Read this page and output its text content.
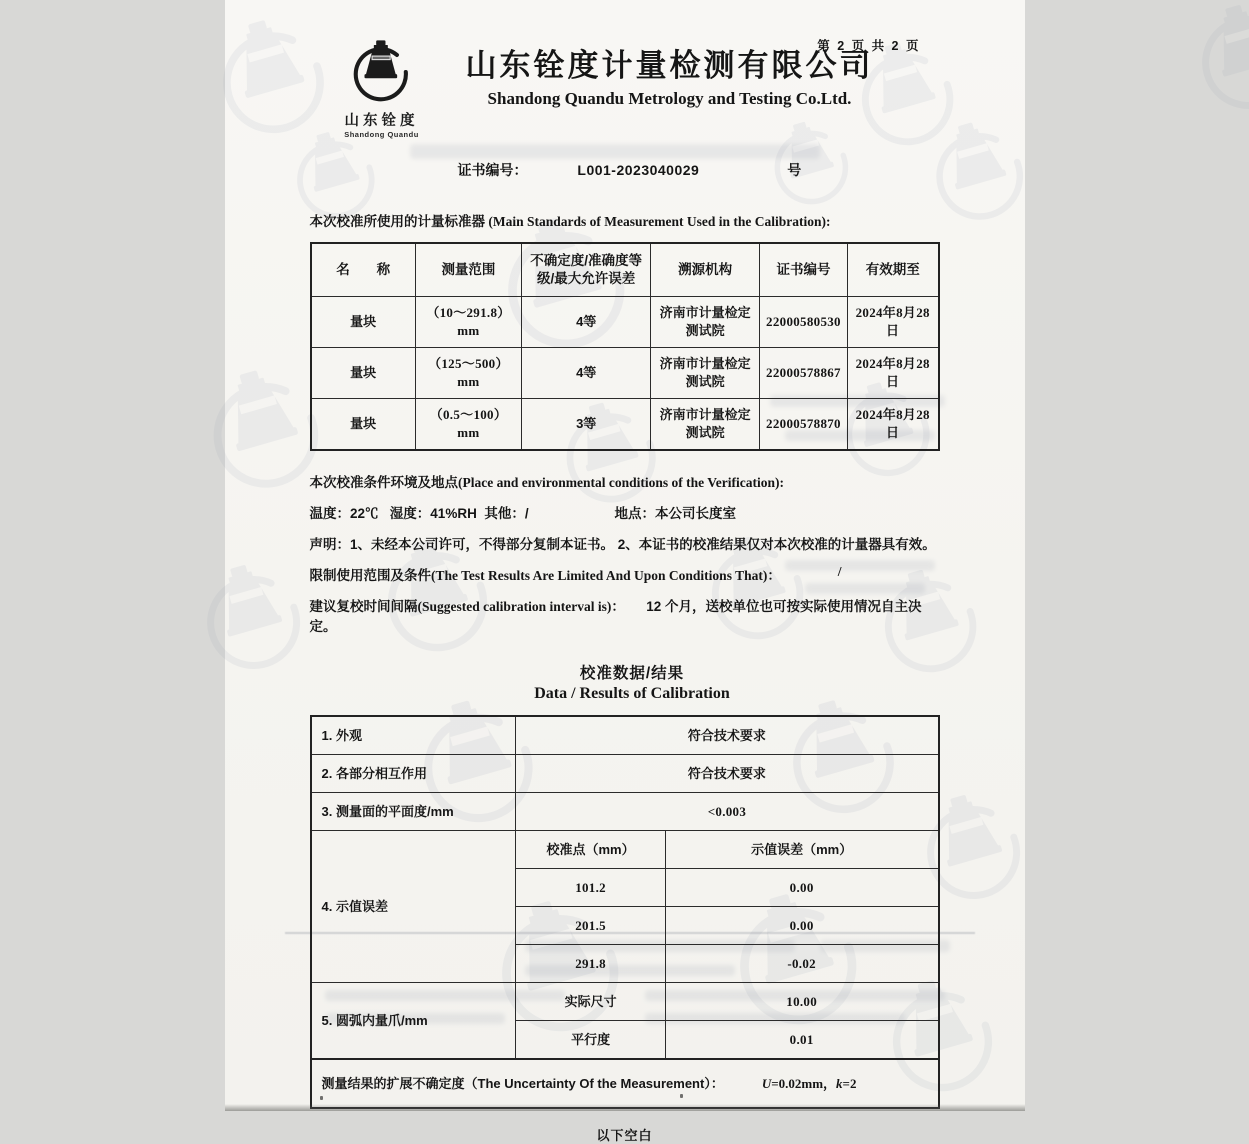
第 2 页 共 2 页
山东铨度
Shandong Quandu
山东铨度计量检测有限公司
Shandong Quandu Metrology and Testing Co.Ltd.
证书编号：	L001-2023040029	号
本次校准所使用的计量标准器 (Main Standards of Measurement Used in the Calibration):
名　　称	测量范围	不确定度/准确度等级/最大允许误差	溯源机构	证书编号	有效期至
量块	（10～291.8）mm	4等	济南市计量检定测试院	22000580530	2024年8月28日
量块	（125～500）mm	4等	济南市计量检定测试院	22000578867	2024年8月28日
量块	（0.5～100）mm	3等	济南市计量检定测试院	22000578870	2024年8月28日
本次校准条件环境及地点(Place and environmental conditions of the Verification):
温度：22℃ 湿度：41%RH 其他：/	地点：本公司长度室
声明：1、未经本公司许可，不得部分复制本证书。 2、本证书的校准结果仅对本次校准的计量器具有效。
限制使用范围及条件(The Test Results Are Limited And Upon Conditions That)：	/
建议复校时间间隔(Suggested calibration interval is)： 12 个月，送校单位也可按实际使用情况自主决定。
校准数据/结果
Data / Results of Calibration
1. 外观	符合技术要求	
2. 各部分相互作用	符合技术要求	
3. 测量面的平面度/mm	<0.003	
4. 示值误差	校准点（mm）	示值误差（mm）
	101.2	0.00
	201.5	0.00
	291.8	-0.02
5. 圆弧内量爪/mm	实际尺寸	10.00
	平行度	0.01
测量结果的扩展不确定度（The Uncertainty Of the Measurement）： U=0.02mm，k=2		
以下空白
